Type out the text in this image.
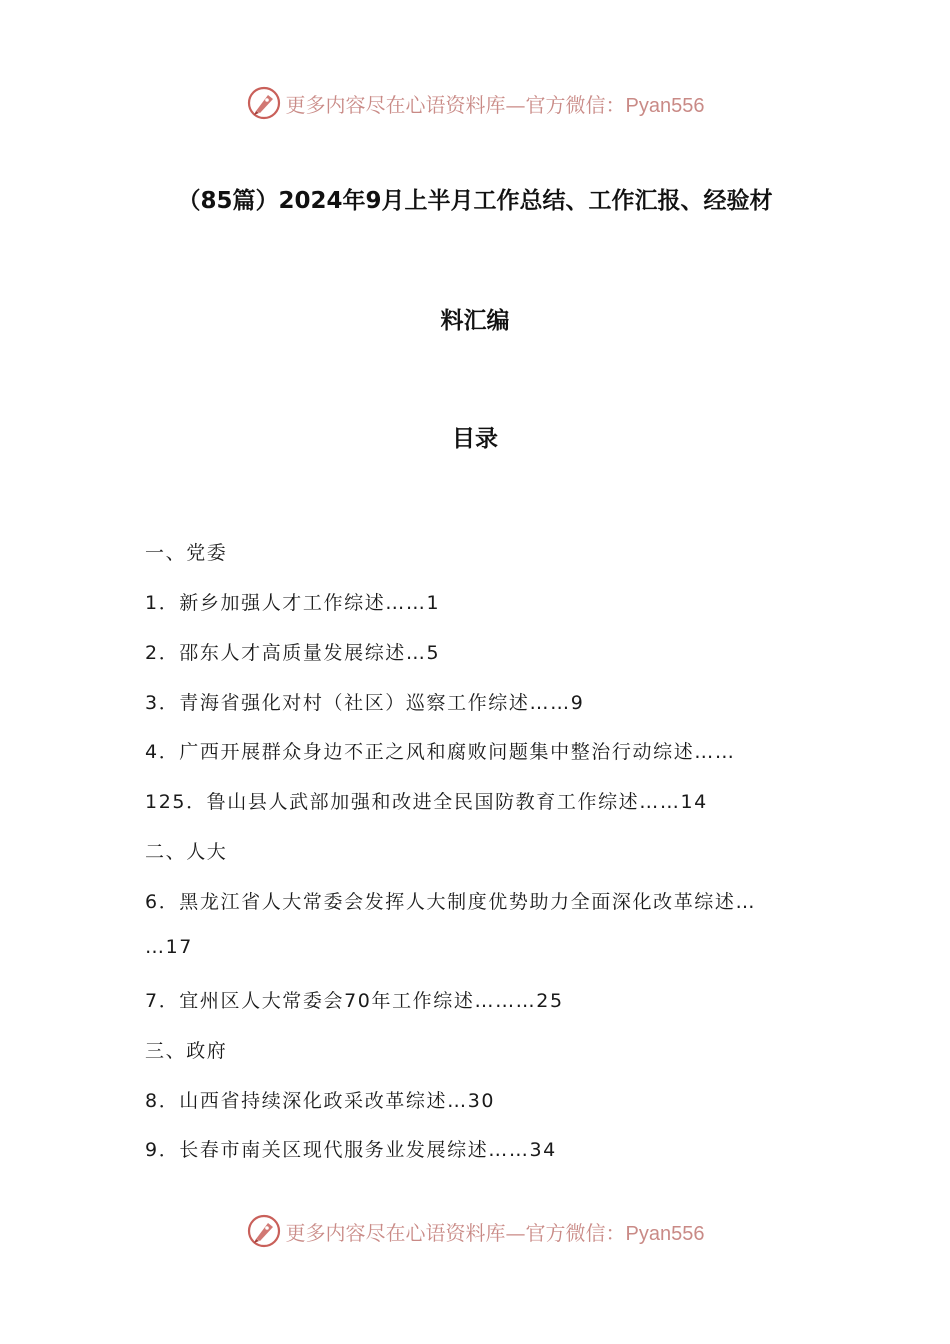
更多内容尽在心语资料库—官方微信：Pyan556
（85篇）2024年9月上半月工作总结、工作汇报、经验材
料汇编
目录
一、党委
1．新乡加强人才工作综述……1
2．邵东人才高质量发展综述…5
3．青海省强化对村（社区）巡察工作综述……9
4．广西开展群众身边不正之风和腐败问题集中整治行动综述……
125．鲁山县人武部加强和改进全民国防教育工作综述……14
二、人大
6．黑龙江省人大常委会发挥人大制度优势助力全面深化改革综述…
…17
7．宜州区人大常委会70年工作综述………25
三、政府
8．山西省持续深化政采改革综述…30
9．长春市南关区现代服务业发展综述……34
更多内容尽在心语资料库—官方微信：Pyan556
